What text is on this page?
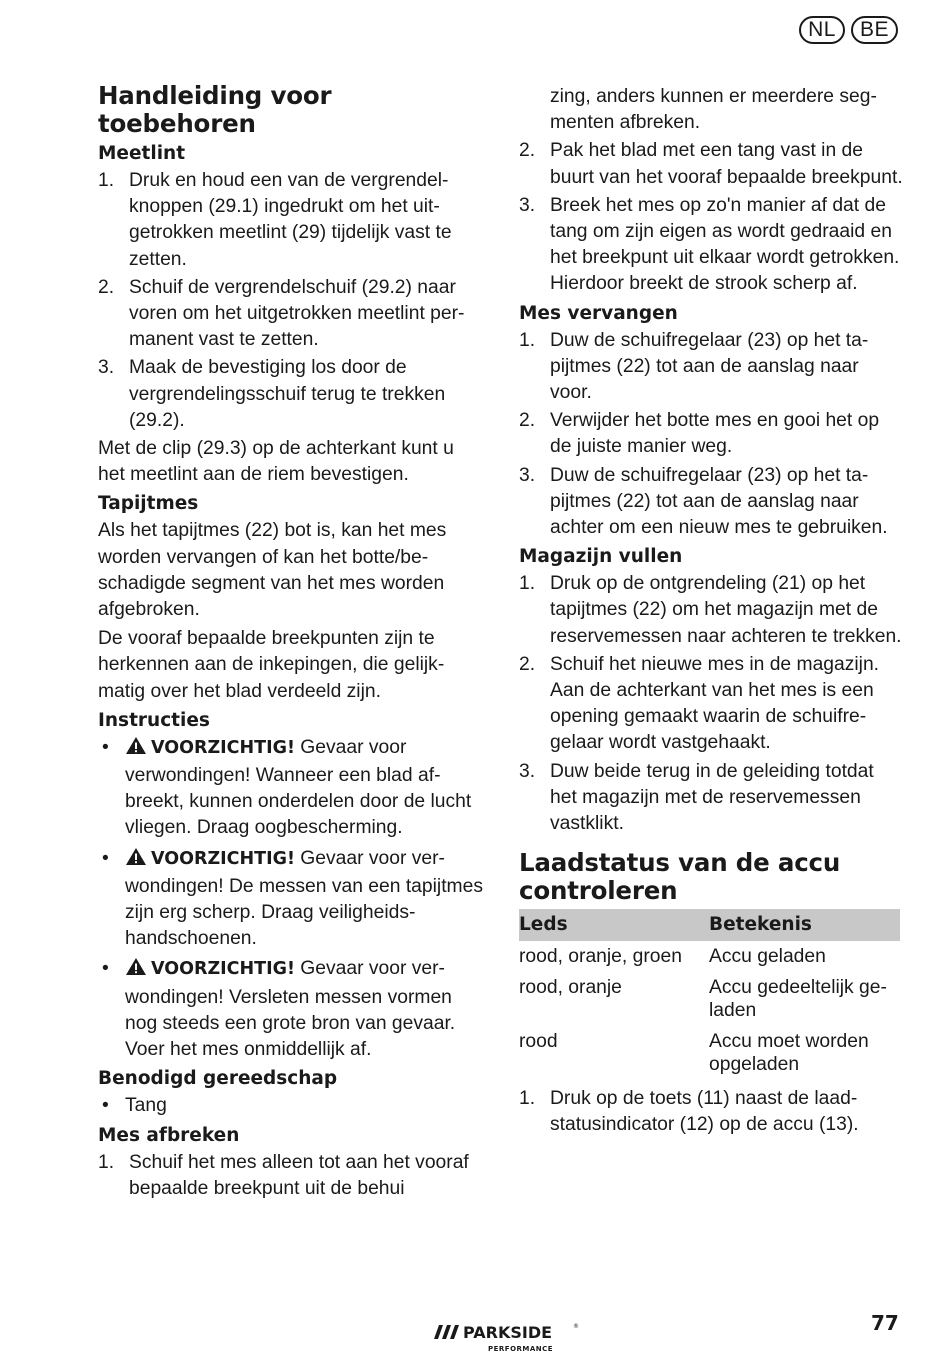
NL	BE
Handleiding voor toebehoren
Meetlint
1. Druk en houd een van de vergrendelknoppen (29.1) ingedrukt om het uitgetrokken meetlint (29) tijdelijk vast te zetten.
2. Schuif de vergrendelschuif (29.2) naar voren om het uitgetrokken meetlint permanent vast te zetten.
3. Maak de bevestiging los door de vergrendelingsschuif terug te trekken (29.2).

Met de clip (29.3) op de achterkant kunt u het meetlint aan de riem bevestigen.

Tapijtmes

Als het tapijtmes (22) bot is, kan het mes worden vervangen of kan het botte/beschadigde segment van het mes worden afgebroken.

De vooraf bepaalde breekpunten zijn te herkennen aan de inkepingen, die gelijkmatig over het blad verdeeld zijn.

Instructies
• VOORZICHTIG! Gevaar voor verwondingen! Wanneer een blad afbreekt, kunnen onderdelen door de lucht vliegen. Draag oogbescherming.
• VOORZICHTIG! Gevaar voor verwondingen! De messen van een tapijtmes zijn erg scherp. Draag veiligheidshandschoenen.
• VOORZICHTIG! Gevaar voor verwondingen! Versleten messen vormen nog steeds een grote bron van gevaar. Voer het mes onmiddellijk af.
Benodigd gereedschap
• Tang
Mes afbreken
1. Schuif het mes alleen tot aan het vooraf bepaalde breekpunt uit de behui
zing, anders kunnen er meerdere segmenten afbreken.
2. Pak het blad met een tang vast in de buurt van het vooraf bepaalde breekpunt.
3. Breek het mes op zo'n manier af dat de tang om zijn eigen as wordt gedraaid en het breekpunt uit elkaar wordt getrokken. Hierdoor breekt de strook scherp af.
Mes vervangen
1. Duw de schuifregelaar (23) op het tapijtmes (22) tot aan de aanslag naar voor.
2. Verwijder het botte mes en gooi het op de juiste manier weg.
3. Duw de schuifregelaar (23) op het tapijtmes (22) tot aan de aanslag naar achter om een nieuw mes te gebruiken.
Magazijn vullen
1. Druk op de ontgrendeling (21) op het tapijtmes (22) om het magazijn met de reservemessen naar achteren te trekken.
2. Schuif het nieuwe mes in de magazijn. Aan de achterkant van het mes is een opening gemaakt waarin de schuifregelaar wordt vastgehaakt.
3. Duw beide terug in de geleiding totdat het magazijn met de reservemessen vastklikt.
Laadstatus van de accu controleren
Leds	Betekenis
rood, oranje, groen	Accu geladen
rood, oranje	Accu gedeeltelijk geladen
rood	Accu moet worden opgeladen
1. Druk op de toets (11) naast de laadstatusindicator (12) op de accu (13).
PARKSIDE	®
PERFORMANCE
77
